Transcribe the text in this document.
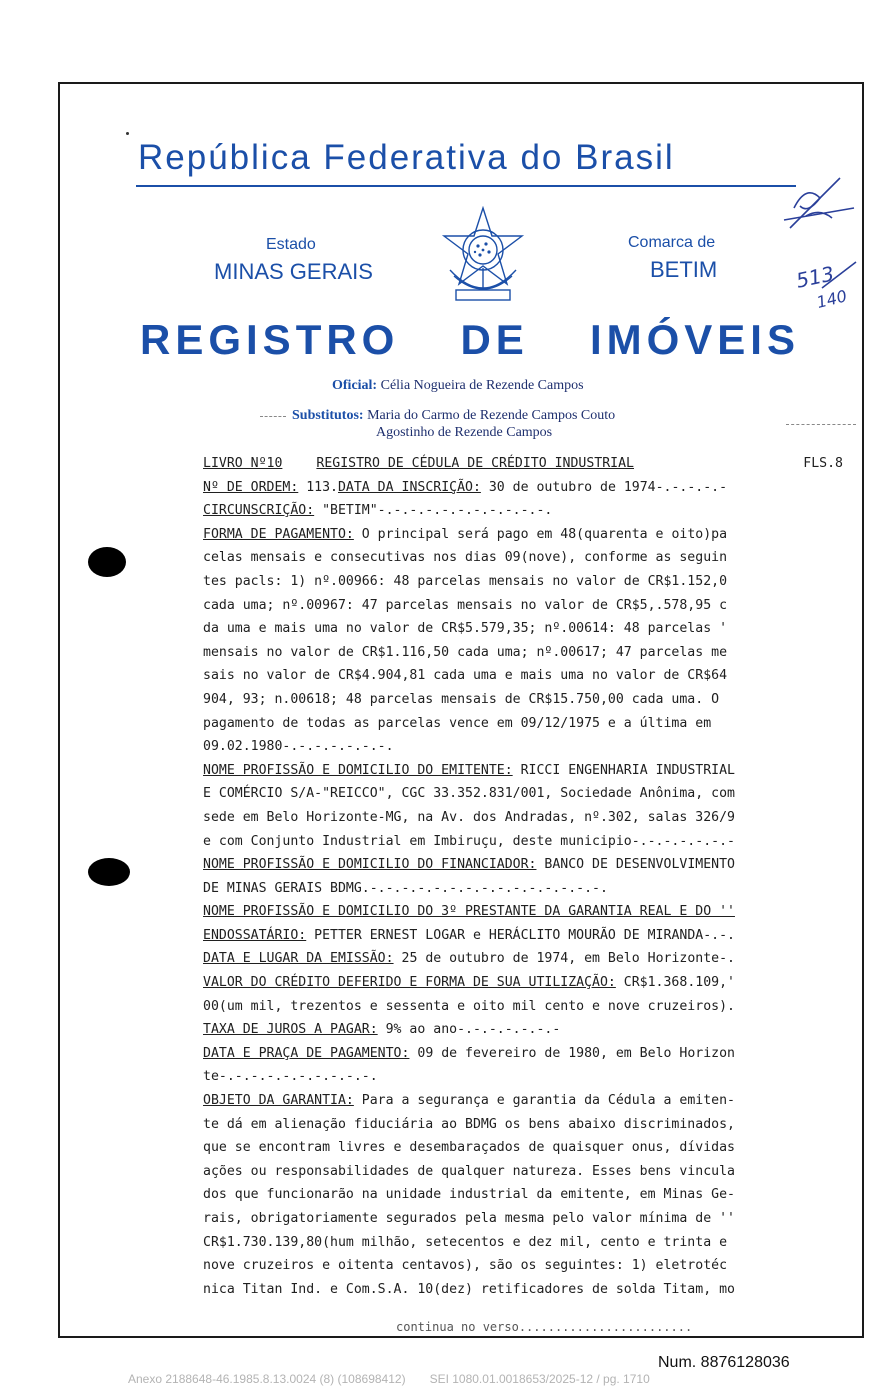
República Federativa do Brasil
Estado
MINAS GERAIS
Comarca de
BETIM
REGISTRO DE IMÓVEIS
Oficial: Célia Nogueira de Rezende Campos
Substitutos: Maria do Carmo de Rezende Campos Couto
Agostinho de Rezende Campos
513
140
LIVRO Nº10	REGISTRO DE CÉDULA DE CRÉDITO INDUSTRIAL	FLS.8
Nº DE ORDEM: 113.DATA DA INSCRIÇÃO: 30 de outubro de 1974-.-.-.-.-
CIRCUNSCRIÇÃO: "BETIM"-.-.-.-.-.-.-.-.-.-.-.
FORMA DE PAGAMENTO: O principal será pago em 48(quarenta e oito)pa
celas mensais e consecutivas nos dias 09(nove), conforme as seguin
tes pacls: 1) nº.00966: 48 parcelas mensais no valor de CR$1.152,0
cada uma; nº.00967: 47 parcelas mensais no valor de CR$5,.578,95 c
da uma e mais uma no valor de CR$5.579,35; nº.00614: 48 parcelas '
mensais no valor de CR$1.116,50 cada uma; nº.00617; 47 parcelas me
sais no valor de CR$4.904,81 cada uma e mais uma no valor de CR$64
904, 93; n.00618; 48 parcelas mensais de CR$15.750,00 cada uma. O
pagamento de todas as parcelas vence em 09/12/1975 e a última em
09.02.1980-.-.-.-.-.-.-.
NOME PROFISSÃO E DOMICILIO DO EMITENTE: RICCI ENGENHARIA INDUSTRIAL
E COMÉRCIO S/A-"REICCO", CGC 33.352.831/001, Sociedade Anônima, com
sede em Belo Horizonte-MG, na Av. dos Andradas, nº.302, salas 326/9
e com Conjunto Industrial em Imbiruçu, deste municipio-.-.-.-.-.-.-
NOME PROFISSÃO E DOMICILIO DO FINANCIADOR: BANCO DE DESENVOLVIMENTO
DE MINAS GERAIS BDMG.-.-.-.-.-.-.-.-.-.-.-.-.-.-.-.
NOME PROFISSÃO E DOMICILIO DO 3º PRESTANTE DA GARANTIA REAL E DO ''
ENDOSSATÁRIO: PETTER ERNEST LOGAR e HERÁCLITO MOURÃO DE MIRANDA-.-.
DATA E LUGAR DA EMISSÃO: 25 de outubro de 1974, em Belo Horizonte-.
VALOR DO CRÉDITO DEFERIDO E FORMA DE SUA UTILIZAÇÃO: CR$1.368.109,'
00(um mil, trezentos e sessenta e oito mil cento e nove cruzeiros).
TAXA DE JUROS A PAGAR: 9% ao ano-.-.-.-.-.-.-
DATA E PRAÇA DE PAGAMENTO: 09 de fevereiro de 1980, em Belo Horizon
te-.-.-.-.-.-.-.-.-.-.
OBJETO DA GARANTIA: Para a segurança e garantia da Cédula a emiten-
te dá em alienação fiduciária ao BDMG os bens abaixo discriminados,
que se encontram livres e desembaraçados de quaisquer onus, dívidas
ações ou responsabilidades de qualquer natureza. Esses bens vincula
dos que funcionarão na unidade industrial da emitente, em Minas Ge-
rais, obrigatoriamente segurados pela mesma pelo valor mínima de ''
CR$1.730.139,80(hum milhão, setecentos e dez mil, cento e trinta e
nove cruzeiros e oitenta centavos), são os seguintes: 1) eletrotéc
nica Titan Ind. e Com.S.A. 10(dez) retificadores de solda Titam, mo
continua no verso........................
Num. 8876128036
Anexo 2188648-46.1985.8.13.0024 (8) (108698412) SEI 1080.01.0018653/2025-12 / pg. 1710
